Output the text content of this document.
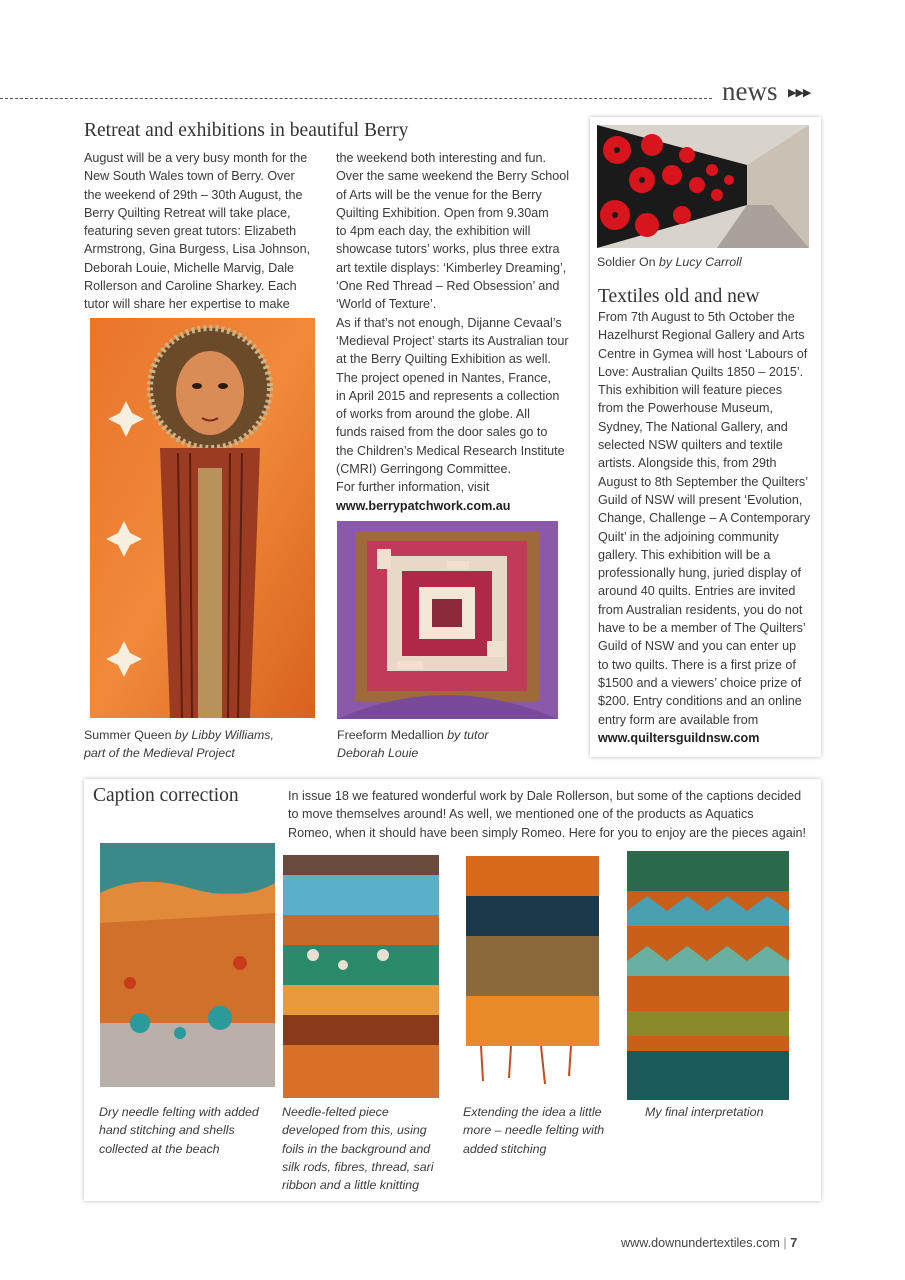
news ▶▶▶
Retreat and exhibitions in beautiful Berry

August will be a very busy month for the

New South Wales town of Berry. Over

the weekend of 29th – 30th August, the

Berry Quilting Retreat will take place,

featuring seven great tutors: Elizabeth

Armstrong, Gina Burgess, Lisa Johnson,

Deborah Louie, Michelle Marvig, Dale

Rollerson and Caroline Sharkey. Each

tutor will share her expertise to make

Summer Queen by Libby Williams,

part of the Medieval Project

the weekend both interesting and fun.

Over the same weekend the Berry School

of Arts will be the venue for the Berry

Quilting Exhibition. Open from 9.30am

to 4pm each day, the exhibition will

showcase tutors’ works, plus three extra

art textile displays: ‘Kimberley Dreaming’,

‘One Red Thread – Red Obsession’ and

‘World of Texture’.

As if that’s not enough, Dijanne Cevaal’s

‘Medieval Project’ starts its Australian tour

at the Berry Quilting Exhibition as well.

The project opened in Nantes, France,

in April 2015 and represents a collection

of works from around the globe. All

funds raised from the door sales go to

the Children’s Medical Research Institute

(CMRI) Gerringong Committee.

For further information, visit

www.berrypatchwork.com.au

Freeform Medallion by tutor

Deborah Louie

Soldier On by Lucy Carroll
Textiles old and new

From 7th August to 5th October the

Hazelhurst Regional Gallery and Arts

Centre in Gymea will host ‘Labours of

Love: Australian Quilts 1850 – 2015’.

This exhibition will feature pieces

from the Powerhouse Museum,

Sydney, The National Gallery, and

selected NSW quilters and textile

artists. Alongside this, from 29th

August to 8th September the Quilters’

Guild of NSW will present ‘Evolution,

Change, Challenge – A Contemporary

Quilt’ in the adjoining community

gallery. This exhibition will be a

professionally hung, juried display of

around 40 quilts. Entries are invited

from Australian residents, you do not

have to be a member of The Quilters’

Guild of NSW and you can enter up

to two quilts. There is a first prize of

$1500 and a viewers’ choice prize of

$200. Entry conditions and an online

entry form are available from

www.quiltersguildnsw.com

Caption correction	In issue 18 we featured wonderful work by Dale Rollerson, but some of the captions decided

to move themselves around! As well, we mentioned one of the products as Aquatics

Romeo, when it should have been simply Romeo. Here for you to enjoy are the pieces again!

Dry needle felting with added

hand stitching and shells

collected at the beach

Needle-felted piece

developed from this, using

foils in the background and

silk rods, fibres, thread, sari

ribbon and a little knitting

Extending the idea a little

more – needle felting with

added stitching

My final interpretation

www.downundertextiles.com | 7
